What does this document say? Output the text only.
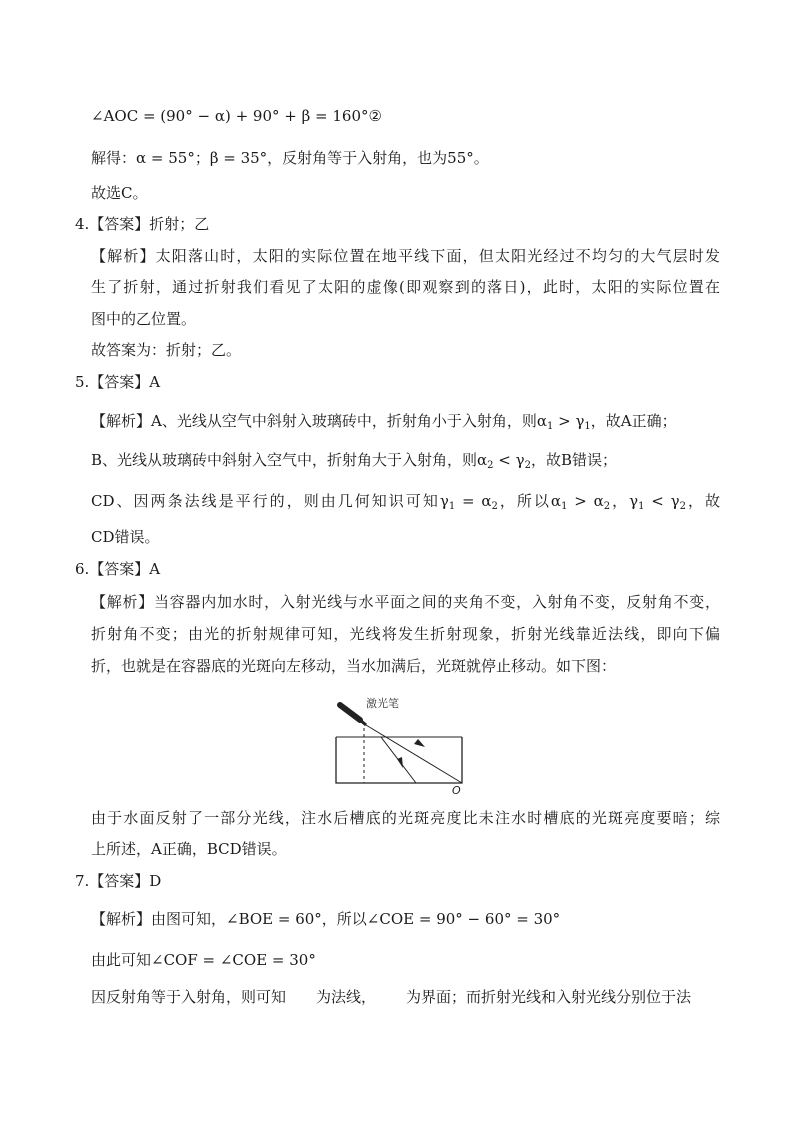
∠AOC = (90° − α) + 90° + β = 160°②
解得：α = 55°；β = 35°，反射角等于入射角，也为55°。
故选C。
4.【答案】折射；乙
【解析】太阳落山时，太阳的实际位置在地平线下面，但太阳光经过不均匀的大气层时发
生了折射，通过折射我们看见了太阳的虚像(即观察到的落日)，此时，太阳的实际位置在
图中的乙位置。
故答案为：折射；乙。
5.【答案】A
【解析】A、光线从空气中斜射入玻璃砖中，折射角小于入射角，则$\alpha_1 > \gamma_1$，故A正确；
B、光线从玻璃砖中斜射入空气中，折射角大于入射角，则$\alpha_2 < \gamma_2$，故B错误；
CD、因两条法线是平行的，则由几何知识可知$\gamma_1 = \alpha_2$，所以$\alpha_1 > \alpha_2$，$\gamma_1 < \gamma_2$，故
CD错误。
6.【答案】A
【解析】当容器内加水时，入射光线与水平面之间的夹角不变，入射角不变，反射角不变，
折射角不变；由光的折射规律可知，光线将发生折射现象，折射光线靠近法线，即向下偏
折，也就是在容器底的光斑向左移动，当水加满后，光斑就停止移动。如下图：
激光笔
O
由于水面反射了一部分光线，注水后槽底的光斑亮度比未注水时槽底的光斑亮度要暗；综
上所述，A正确，BCD错误。
7.【答案】D
【解析】由图可知，∠BOE = 60°，所以∠COE = 90° − 60° = 30°
由此可知∠COF = ∠COE = 30°
因反射角等于入射角，则可知 为法线， 为界面；而折射光线和入射光线分别位于法
